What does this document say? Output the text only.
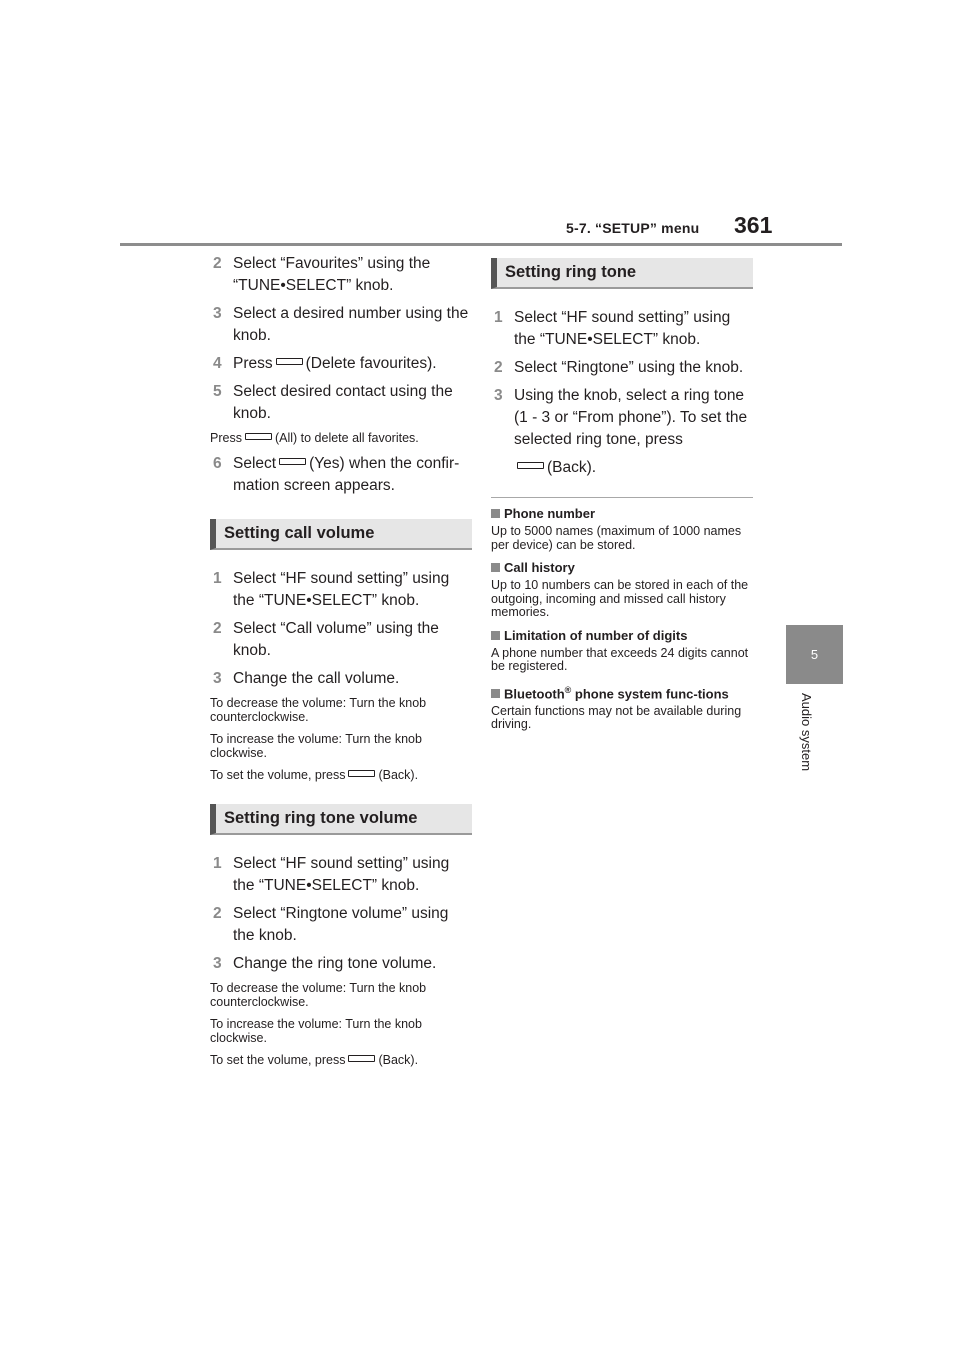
5-7. “SETUP” menu 361
5
Audio system
2 Select “Favourites” using the “TUNE•SELECT” knob.
3 Select a desired number using the knob.
4 Press (Delete favourites).
5 Select desired contact using the knob.
Press	(All) to delete all favorites.
6 Select (Yes) when the confir-mation screen appears.
Setting call volume
1 Select “HF sound setting” using the “TUNE•SELECT” knob.
2 Select “Call volume” using the knob.
3 Change the call volume.
To decrease the volume: Turn the knob counterclockwise.
To increase the volume: Turn the knob clockwise.
To set the volume, press	(Back).
Setting ring tone volume
1 Select “HF sound setting” using the “TUNE•SELECT” knob.
2 Select “Ringtone volume” using the knob.
3 Change the ring tone volume.
To decrease the volume: Turn the knob counterclockwise.
To increase the volume: Turn the knob clockwise.
To set the volume, press	(Back).
Setting ring tone
1 Select “HF sound setting” using the “TUNE•SELECT” knob.
2 Select “Ringtone” using the knob.
3 Using the knob, select a ring tone (1 - 3 or “From phone”). To set the selected ring tone, press
(Back).
Phone number
Up to 5000 names (maximum of 1000 names per device) can be stored.
Call history
Up to 10 numbers can be stored in each of the outgoing, incoming and missed call history memories.
Limitation of number of digits
A phone number that exceeds 24 digits cannot be registered.
Bluetooth® phone system func-tions
Certain functions may not be available during driving.
